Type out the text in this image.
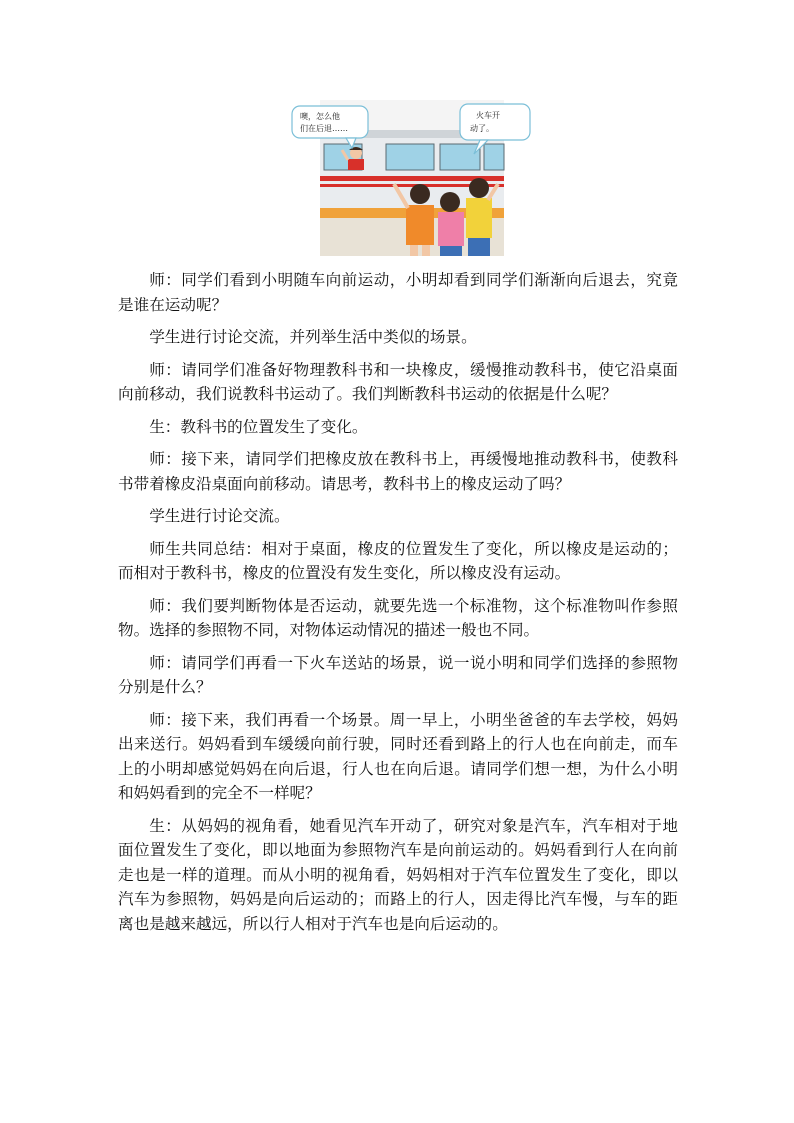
噢，怎么他
们在后退……
火车开
动了。

师：同学们看到小明随车向前运动，小明却看到同学们渐渐向后退去，究竟是谁在运动呢？

学生进行讨论交流，并列举生活中类似的场景。

师：请同学们准备好物理教科书和一块橡皮，缓慢推动教科书，使它沿桌面向前移动，我们说教科书运动了。我们判断教科书运动的依据是什么呢？

生：教科书的位置发生了变化。

师：接下来，请同学们把橡皮放在教科书上，再缓慢地推动教科书，使教科书带着橡皮沿桌面向前移动。请思考，教科书上的橡皮运动了吗？

学生进行讨论交流。

师生共同总结：相对于桌面，橡皮的位置发生了变化，所以橡皮是运动的；而相对于教科书，橡皮的位置没有发生变化，所以橡皮没有运动。

师：我们要判断物体是否运动，就要先选一个标准物，这个标准物叫作参照物。选择的参照物不同，对物体运动情况的描述一般也不同。

师：请同学们再看一下火车送站的场景，说一说小明和同学们选择的参照物分别是什么？

师：接下来，我们再看一个场景。周一早上，小明坐爸爸的车去学校，妈妈出来送行。妈妈看到车缓缓向前行驶，同时还看到路上的行人也在向前走，而车上的小明却感觉妈妈在向后退，行人也在向后退。请同学们想一想，为什么小明和妈妈看到的完全不一样呢？

生：从妈妈的视角看，她看见汽车开动了，研究对象是汽车，汽车相对于地面位置发生了变化，即以地面为参照物汽车是向前运动的。妈妈看到行人在向前走也是一样的道理。而从小明的视角看，妈妈相对于汽车位置发生了变化，即以汽车为参照物，妈妈是向后运动的；而路上的行人，因走得比汽车慢，与车的距离也是越来越远，所以行人相对于汽车也是向后运动的。
